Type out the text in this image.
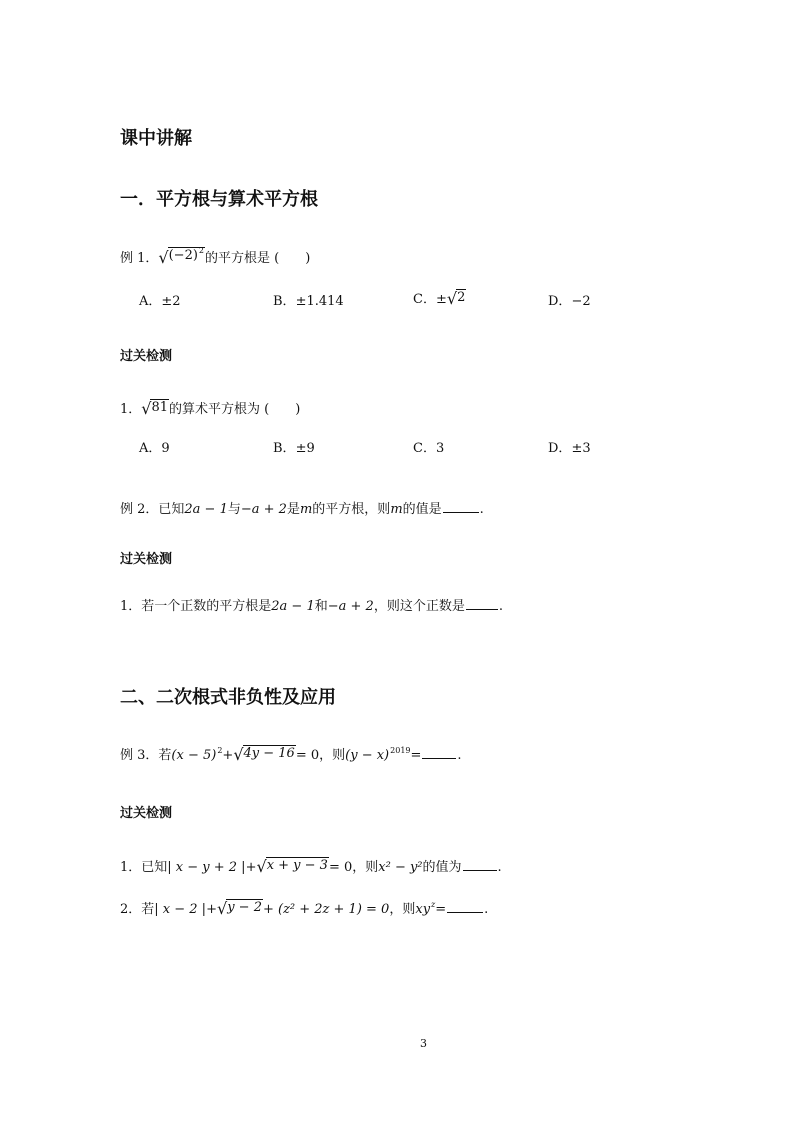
课中讲解
一．平方根与算术平方根
例 1． √ $(-2)^2$
的平方根是 (　　)
A．±2	B．±1.414	C．± √ 2	D．−2
过关检测
1． √ 81 的算术平方根为 (　　)
A．9	B．±9	C．3	D．±3
例 2．已知2a − 1与−a + 2是m的平方根，则m的值是	.
过关检测
1．若一个正数的平方根是2a − 1和−a + 2，则这个正数是	.
二、二次根式非负性及应用
例 3．若$(x - 5)^2+$ √ 4y − 16 = 0，则$(y - x)^{2019}=$	.
过关检测
1．已知| x − y + 2 |+ √ x + y − 3 = 0，则x² − y²的值为	.
2．若| x − 2 |+ √ y − 2 + (z² + 2z + 1) = 0，则$xy^z=$	.
3
